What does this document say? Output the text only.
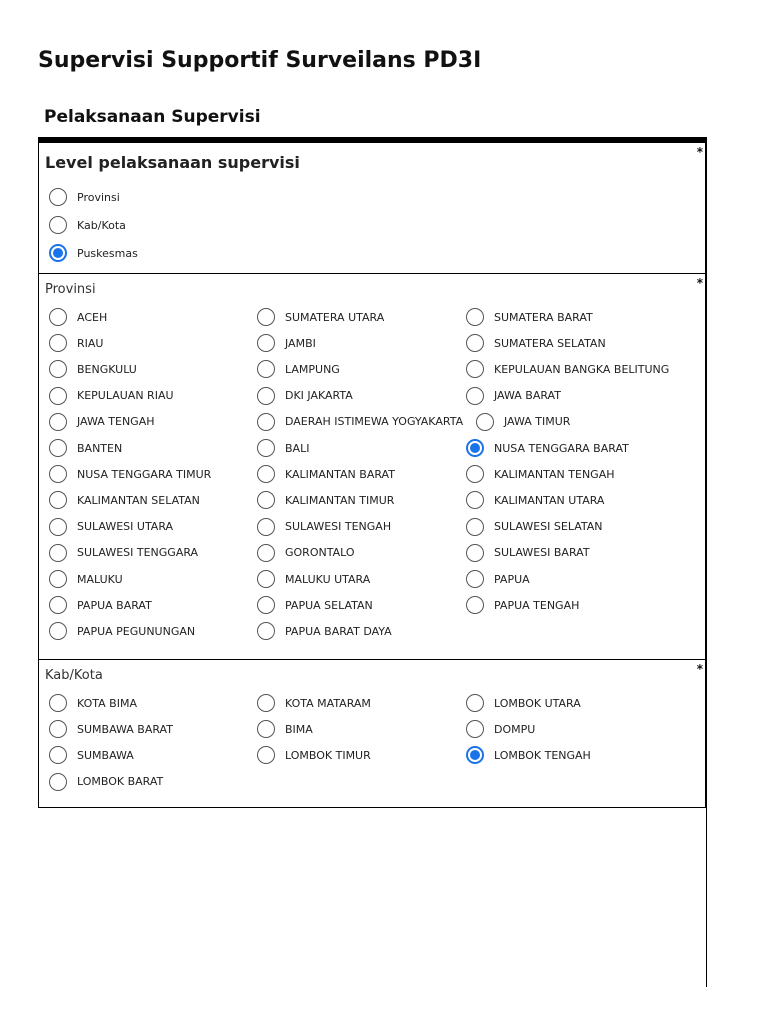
Supervisi Supportif Surveilans PD3I
Pelaksanaan Supervisi
*
Level pelaksanaan supervisi
Provinsi
Kab/Kota
Puskesmas
*
Provinsi
ACEH	SUMATERA UTARA	SUMATERA BARAT
RIAU	JAMBI	SUMATERA SELATAN
BENGKULU	LAMPUNG	KEPULAUAN BANGKA BELITUNG
KEPULAUAN RIAU	DKI JAKARTA	JAWA BARAT
JAWA TENGAH	DAERAH ISTIMEWA YOGYAKARTA	JAWA TIMUR
BANTEN	BALI	NUSA TENGGARA BARAT
NUSA TENGGARA TIMUR	KALIMANTAN BARAT	KALIMANTAN TENGAH
KALIMANTAN SELATAN	KALIMANTAN TIMUR	KALIMANTAN UTARA
SULAWESI UTARA	SULAWESI TENGAH	SULAWESI SELATAN
SULAWESI TENGGARA	GORONTALO	SULAWESI BARAT
MALUKU	MALUKU UTARA	PAPUA
PAPUA BARAT	PAPUA SELATAN	PAPUA TENGAH
PAPUA PEGUNUNGAN	PAPUA BARAT DAYA
*
Kab/Kota
KOTA BIMA	KOTA MATARAM	LOMBOK UTARA
SUMBAWA BARAT	BIMA	DOMPU
SUMBAWA	LOMBOK TIMUR	LOMBOK TENGAH
LOMBOK BARAT
